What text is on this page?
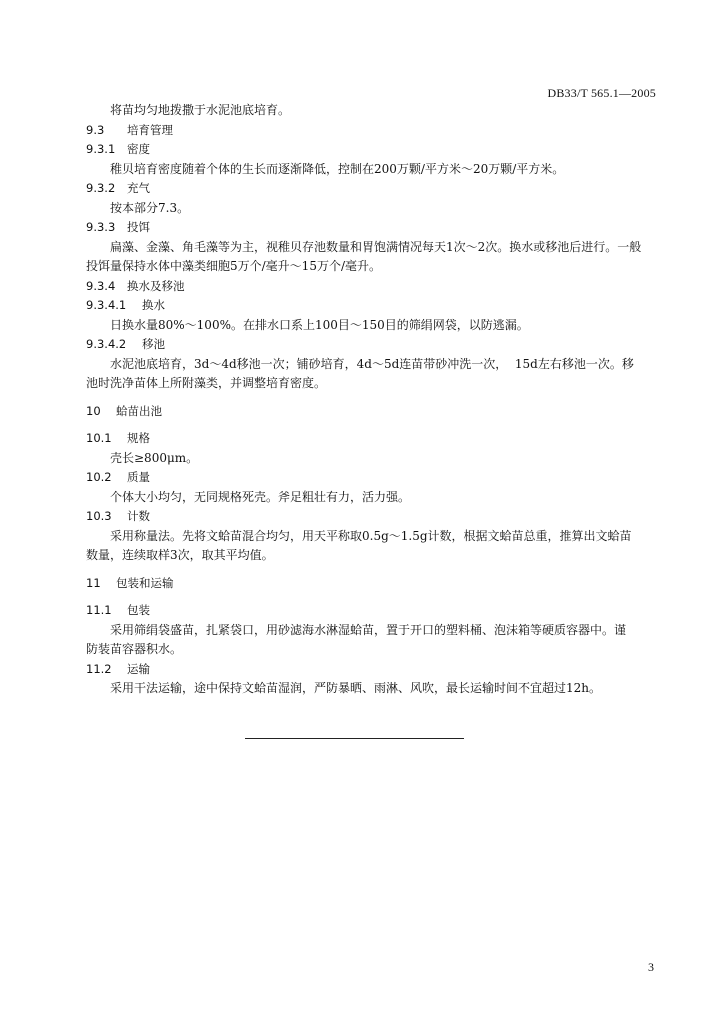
DB33/T 565.1—2005
将苗均匀地拨撒于水泥池底培育。
9.3 培育管理
9.3.1 密度
稚贝培育密度随着个体的生长而逐渐降低，控制在200万颗/平方米～20万颗/平方米。
9.3.2 充气
按本部分7.3。
9.3.3 投饵
扁藻、金藻、角毛藻等为主，视稚贝存池数量和胃饱满情况每天1次～2次。换水或移池后进行。一般
投饵量保持水体中藻类细胞5万个/毫升～15万个/毫升。
9.3.4 换水及移池
9.3.4.1 换水
日换水量80%～100%。在排水口系上100目～150目的筛绢网袋，以防逃漏。
9.3.4.2 移池
水泥池底培育，3d～4d移池一次；铺砂培育，4d～5d连苗带砂冲洗一次，  15d左右移池一次。移
池时洗净苗体上所附藻类，并调整培育密度。
10 蛤苗出池
10.1 规格
壳长≥800μm。
10.2 质量
个体大小均匀，无同规格死壳。斧足粗壮有力，活力强。
10.3 计数
采用称量法。先将文蛤苗混合均匀，用天平称取0.5g～1.5g计数，根据文蛤苗总重，推算出文蛤苗
数量，连续取样3次，取其平均值。
11 包装和运输
11.1 包装
采用筛绢袋盛苗，扎紧袋口，用砂滤海水淋湿蛤苗，置于开口的塑料桶、泡沫箱等硬质容器中。谨
防装苗容器积水。
11.2 运输
采用干法运输，途中保持文蛤苗湿润，严防暴晒、雨淋、风吹，最长运输时间不宜超过12h。
3
